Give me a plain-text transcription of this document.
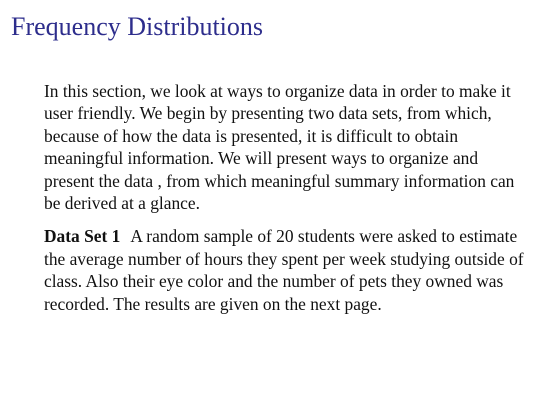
Frequency Distributions

In this section, we look at ways to organize data in order to make it user friendly. We begin by presenting two data sets, from which, because of how the data is presented, it is difficult to obtain meaningful information. We will present ways to organize and present the data , from which meaningful summary information can be derived at a glance.

Data Set 1 A random sample of 20 students were asked to estimate the average number of hours they spent per week studying outside of class. Also their eye color and the number of pets they owned was recorded. The results are given on the next page.
